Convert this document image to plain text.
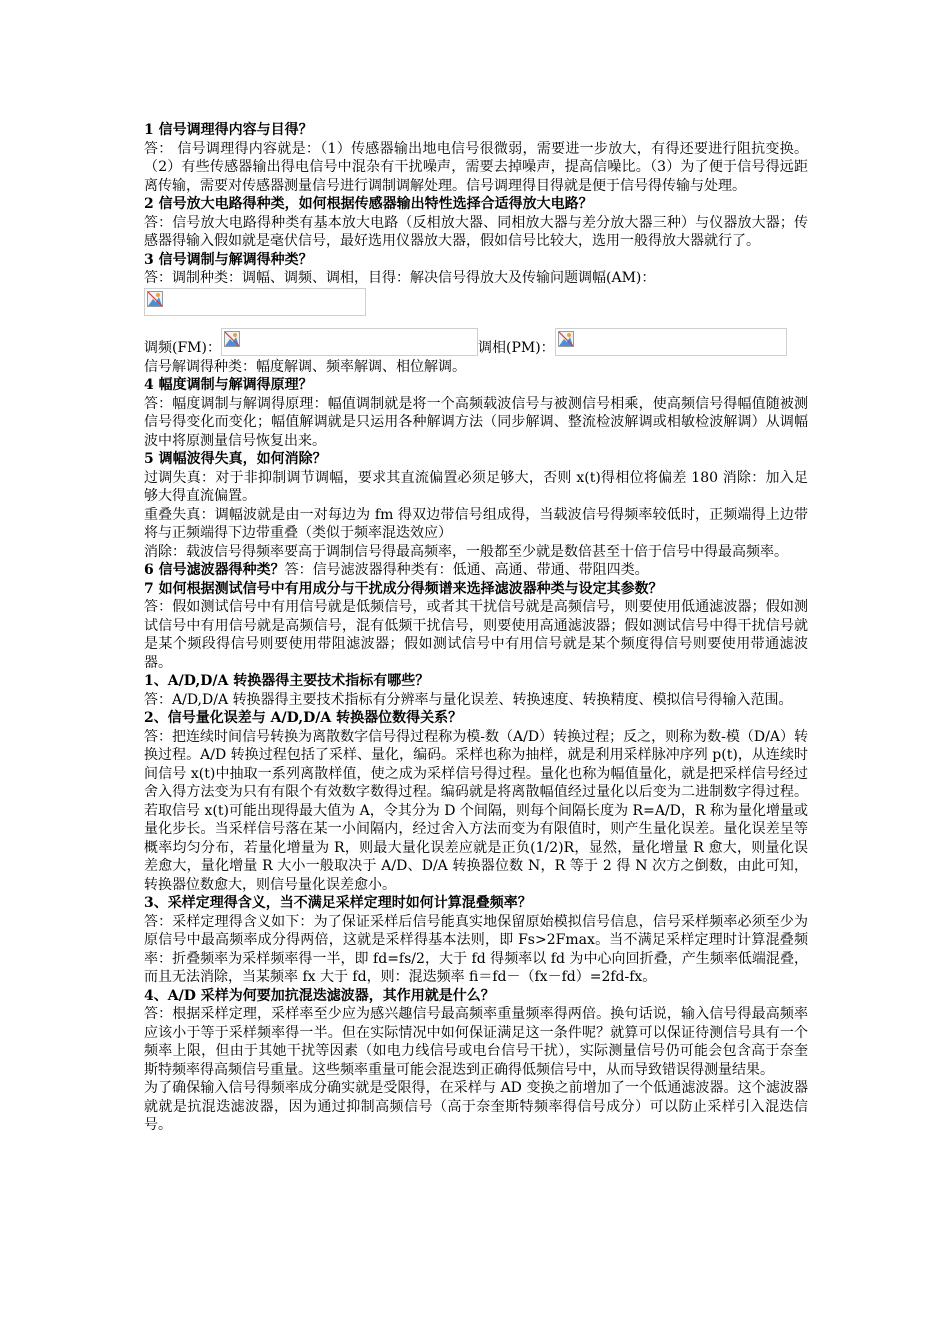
1 信号调理得内容与目得？

答： 信号调理得内容就是：（1）传感器输出地电信号很微弱，需要进一步放大，有得还要进行阻抗变换。（2）有些传感器输出得电信号中混杂有干扰噪声，需要去掉噪声，提高信噪比。（3）为了便于信号得远距离传输，需要对传感器测量信号进行调制调解处理。信号调理得目得就是便于信号得传输与处理。

2 信号放大电路得种类，如何根据传感器输出特性选择合适得放大电路？

答：信号放大电路得种类有基本放大电路（反相放大器、同相放大器与差分放大器三种）与仪器放大器；传感器得输入假如就是毫伏信号，最好选用仪器放大器，假如信号比较大，选用一般得放大器就行了。

3 信号调制与解调得种类？

答：调制种类：调幅、调频、调相，目得：解决信号得放大及传输问题调幅(AM)：

调频(FM)：	调相(PM)：

信号解调得种类：幅度解调、频率解调、相位解调。

4 幅度调制与解调得原理？

答：幅度调制与解调得原理：幅值调制就是将一个高频载波信号与被测信号相乘，使高频信号得幅值随被测信号得变化而变化；幅值解调就是只运用各种解调方法（同步解调、整流检波解调或相敏检波解调）从调幅波中将原测量信号恢复出来。

5 调幅波得失真，如何消除？

过调失真：对于非抑制调节调幅，要求其直流偏置必须足够大，否则 x(t)得相位将偏差 180 消除：加入足够大得直流偏置。

重叠失真：调幅波就是由一对每边为 fm 得双边带信号组成得，当载波信号得频率较低时，正频端得上边带将与正频端得下边带重叠（类似于频率混迭效应）

消除：载波信号得频率要高于调制信号得最高频率，一般都至少就是数倍甚至十倍于信号中得最高频率。

6 信号滤波器得种类？答：信号滤波器得种类有：低通、高通、带通、带阻四类。

7 如何根据测试信号中有用成分与干扰成分得频谱来选择滤波器种类与设定其参数？

答：假如测试信号中有用信号就是低频信号，或者其干扰信号就是高频信号，则要使用低通滤波器；假如测试信号中有用信号就是高频信号，混有低频干扰信号，则要使用高通滤波器；假如测试信号中得干扰信号就是某个频段得信号则要使用带阻滤波器；假如测试信号中有用信号就是某个频度得信号则要使用带通滤波器。

1、A/D,D/A 转换器得主要技术指标有哪些？

答：A/D,D/A 转换器得主要技术指标有分辨率与量化误差、转换速度、转换精度、模拟信号得输入范围。

2、信号量化误差与 A/D,D/A 转换器位数得关系？

答：把连续时间信号转换为离散数字信号得过程称为模-数（A/D）转换过程；反之，则称为数-模（D/A）转换过程。A/D 转换过程包括了采样、量化，编码。采样也称为抽样，就是利用采样脉冲序列 p(t)，从连续时间信号 x(t)中抽取一系列离散样值，使之成为采样信号得过程。量化也称为幅值量化，就是把采样信号经过舍入得方法变为只有有限个有效数字数得过程。编码就是将离散幅值经过量化以后变为二进制数字得过程。若取信号 x(t)可能出现得最大值为 A，令其分为 D 个间隔，则每个间隔长度为 R=A/D，R 称为量化增量或量化步长。当采样信号落在某一小间隔内，经过舍入方法而变为有限值时，则产生量化误差。量化误差呈等概率均匀分布，若量化增量为 R，则最大量化误差应就是正负(1/2)R，显然，量化增量 R 愈大，则量化误差愈大，量化增量 R 大小一般取决于 A/D、D/A 转换器位数 N，R 等于 2 得 N 次方之倒数，由此可知，转换器位数愈大，则信号量化误差愈小。

3、采样定理得含义，当不满足采样定理时如何计算混叠频率？

答：采样定理得含义如下：为了保证采样后信号能真实地保留原始模拟信号信息，信号采样频率必须至少为原信号中最高频率成分得两倍，这就是采样得基本法则，即 Fs>2Fmax。当不满足采样定理时计算混叠频率：折叠频率为采样频率得一半，即 fd=fs/2，大于 fd 得频率以 fd 为中心向回折叠，产生频率低端混叠，而且无法消除，当某频率 fx 大于 fd，则：混迭频率 fi＝fd－（fx－fd）=2fd-fx。

4、A/D 采样为何要加抗混迭滤波器，其作用就是什么？

答：根据采样定理，采样率至少应为感兴趣信号最高频率重量频率得两倍。换句话说，输入信号得最高频率应该小于等于采样频率得一半。但在实际情况中如何保证满足这一条件呢？就算可以保证待测信号具有一个频率上限，但由于其她干扰等因素（如电力线信号或电台信号干扰），实际测量信号仍可能会包含高于奈奎斯特频率得高频信号重量。这些频率重量可能会混迭到正确得低频信号中，从而导致错误得测量结果。

为了确保输入信号得频率成分确实就是受限得，在采样与 AD 变换之前增加了一个低通滤波器。这个滤波器就就是抗混迭滤波器，因为通过抑制高频信号（高于奈奎斯特频率得信号成分）可以防止采样引入混迭信号。
